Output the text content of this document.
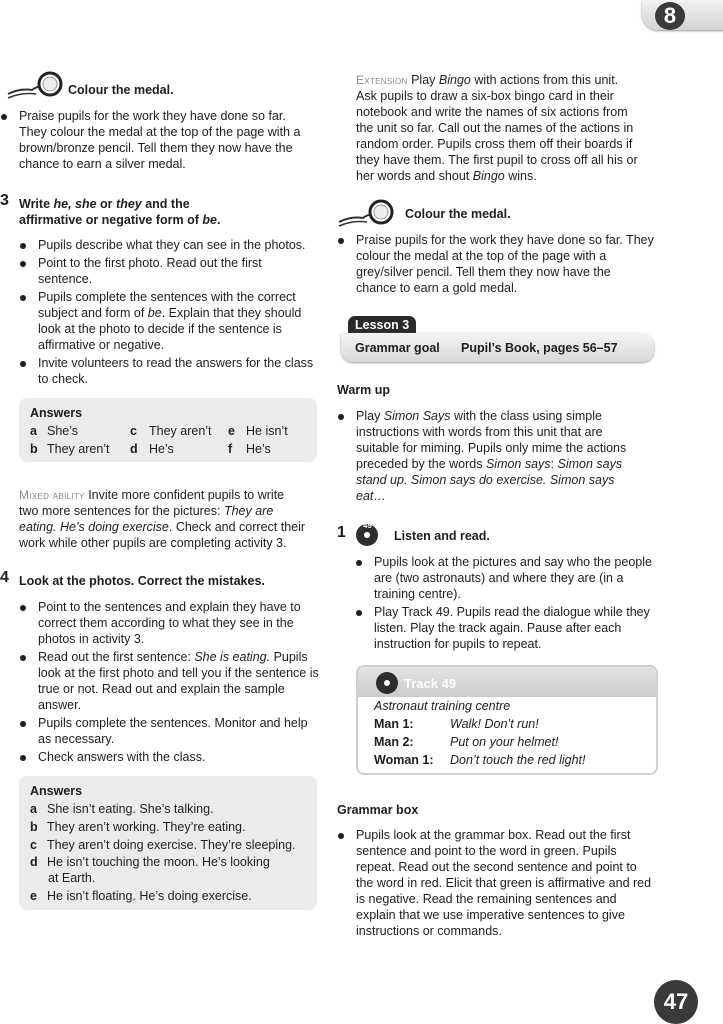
8
Colour the medal.
Praise pupils for the work they have done so far. They colour the medal at the top of the page with a brown/bronze pencil. Tell them they now have the chance to earn a silver medal.
3 Write he, she or they and the
affirmative or negative form of be.
Pupils describe what they can see in the photos.
Point to the first photo. Read out the first sentence.
Pupils complete the sentences with the correct subject and form of be. Explain that they should look at the photo to decide if the sentence is affirmative or negative.
Invite volunteers to read the answers for the class to check.
Answers
a She’s
b They aren’t
c They aren’t
d He’s
e He isn’t
f He’s
Mixed ability Invite more confident pupils to write
two more sentences for the pictures: They are
eating. He’s doing exercise. Check and correct their
work while other pupils are completing activity 3.
4 Look at the photos. Correct the mistakes.
Point to the sentences and explain they have to correct them according to what they see in the photos in activity 3.
Read out the first sentence: She is eating. Pupils look at the first photo and tell you if the sentence is true or not. Read out and explain the sample answer.
Pupils complete the sentences. Monitor and help as necessary.
Check answers with the class.
Answers
a She isn’t eating. She’s talking.
b They aren’t working. They’re eating.
c They aren’t doing exercise. They’re sleeping.
d He isn’t touching the moon. He’s looking
at Earth.
e He isn’t floating. He’s doing exercise.
Extension Play Bingo with actions from this unit.
Ask pupils to draw a six-box bingo card in their
notebook and write the names of six actions from
the unit so far. Call out the names of the actions in
random order. Pupils cross them off their boards if
they have them. The first pupil to cross off all his or
her words and shout Bingo wins.
Colour the medal.
Praise pupils for the work they have done so far. They colour the medal at the top of the page with a grey/silver pencil. Tell them they now have the chance to earn a gold medal.
Lesson 3
Grammar goal Pupil’s Book, pages 56–57
Warm up
Play Simon Says with the class using simple
instructions with words from this unit that are
suitable for miming. Pupils only mime the actions
preceded by the words Simon says: Simon says
stand up. Simon says do exercise. Simon says
eat…
1 49
Listen and read.
Pupils look at the pictures and say who the people are (two astronauts) and where they are (in a training centre).
Play Track 49. Pupils read the dialogue while they listen. Play the track again. Pause after each instruction for pupils to repeat.
Track 49
Astronaut training centre
Man 1:	Walk! Don’t run!
Man 2:	Put on your helmet!
Woman 1: Don’t touch the red light!
Grammar box
Pupils look at the grammar box. Read out the first sentence and point to the word in green. Pupils repeat. Read out the second sentence and point to the word in red. Elicit that green is affirmative and red is negative. Read the remaining sentences and explain that we use imperative sentences to give instructions or commands.
47
